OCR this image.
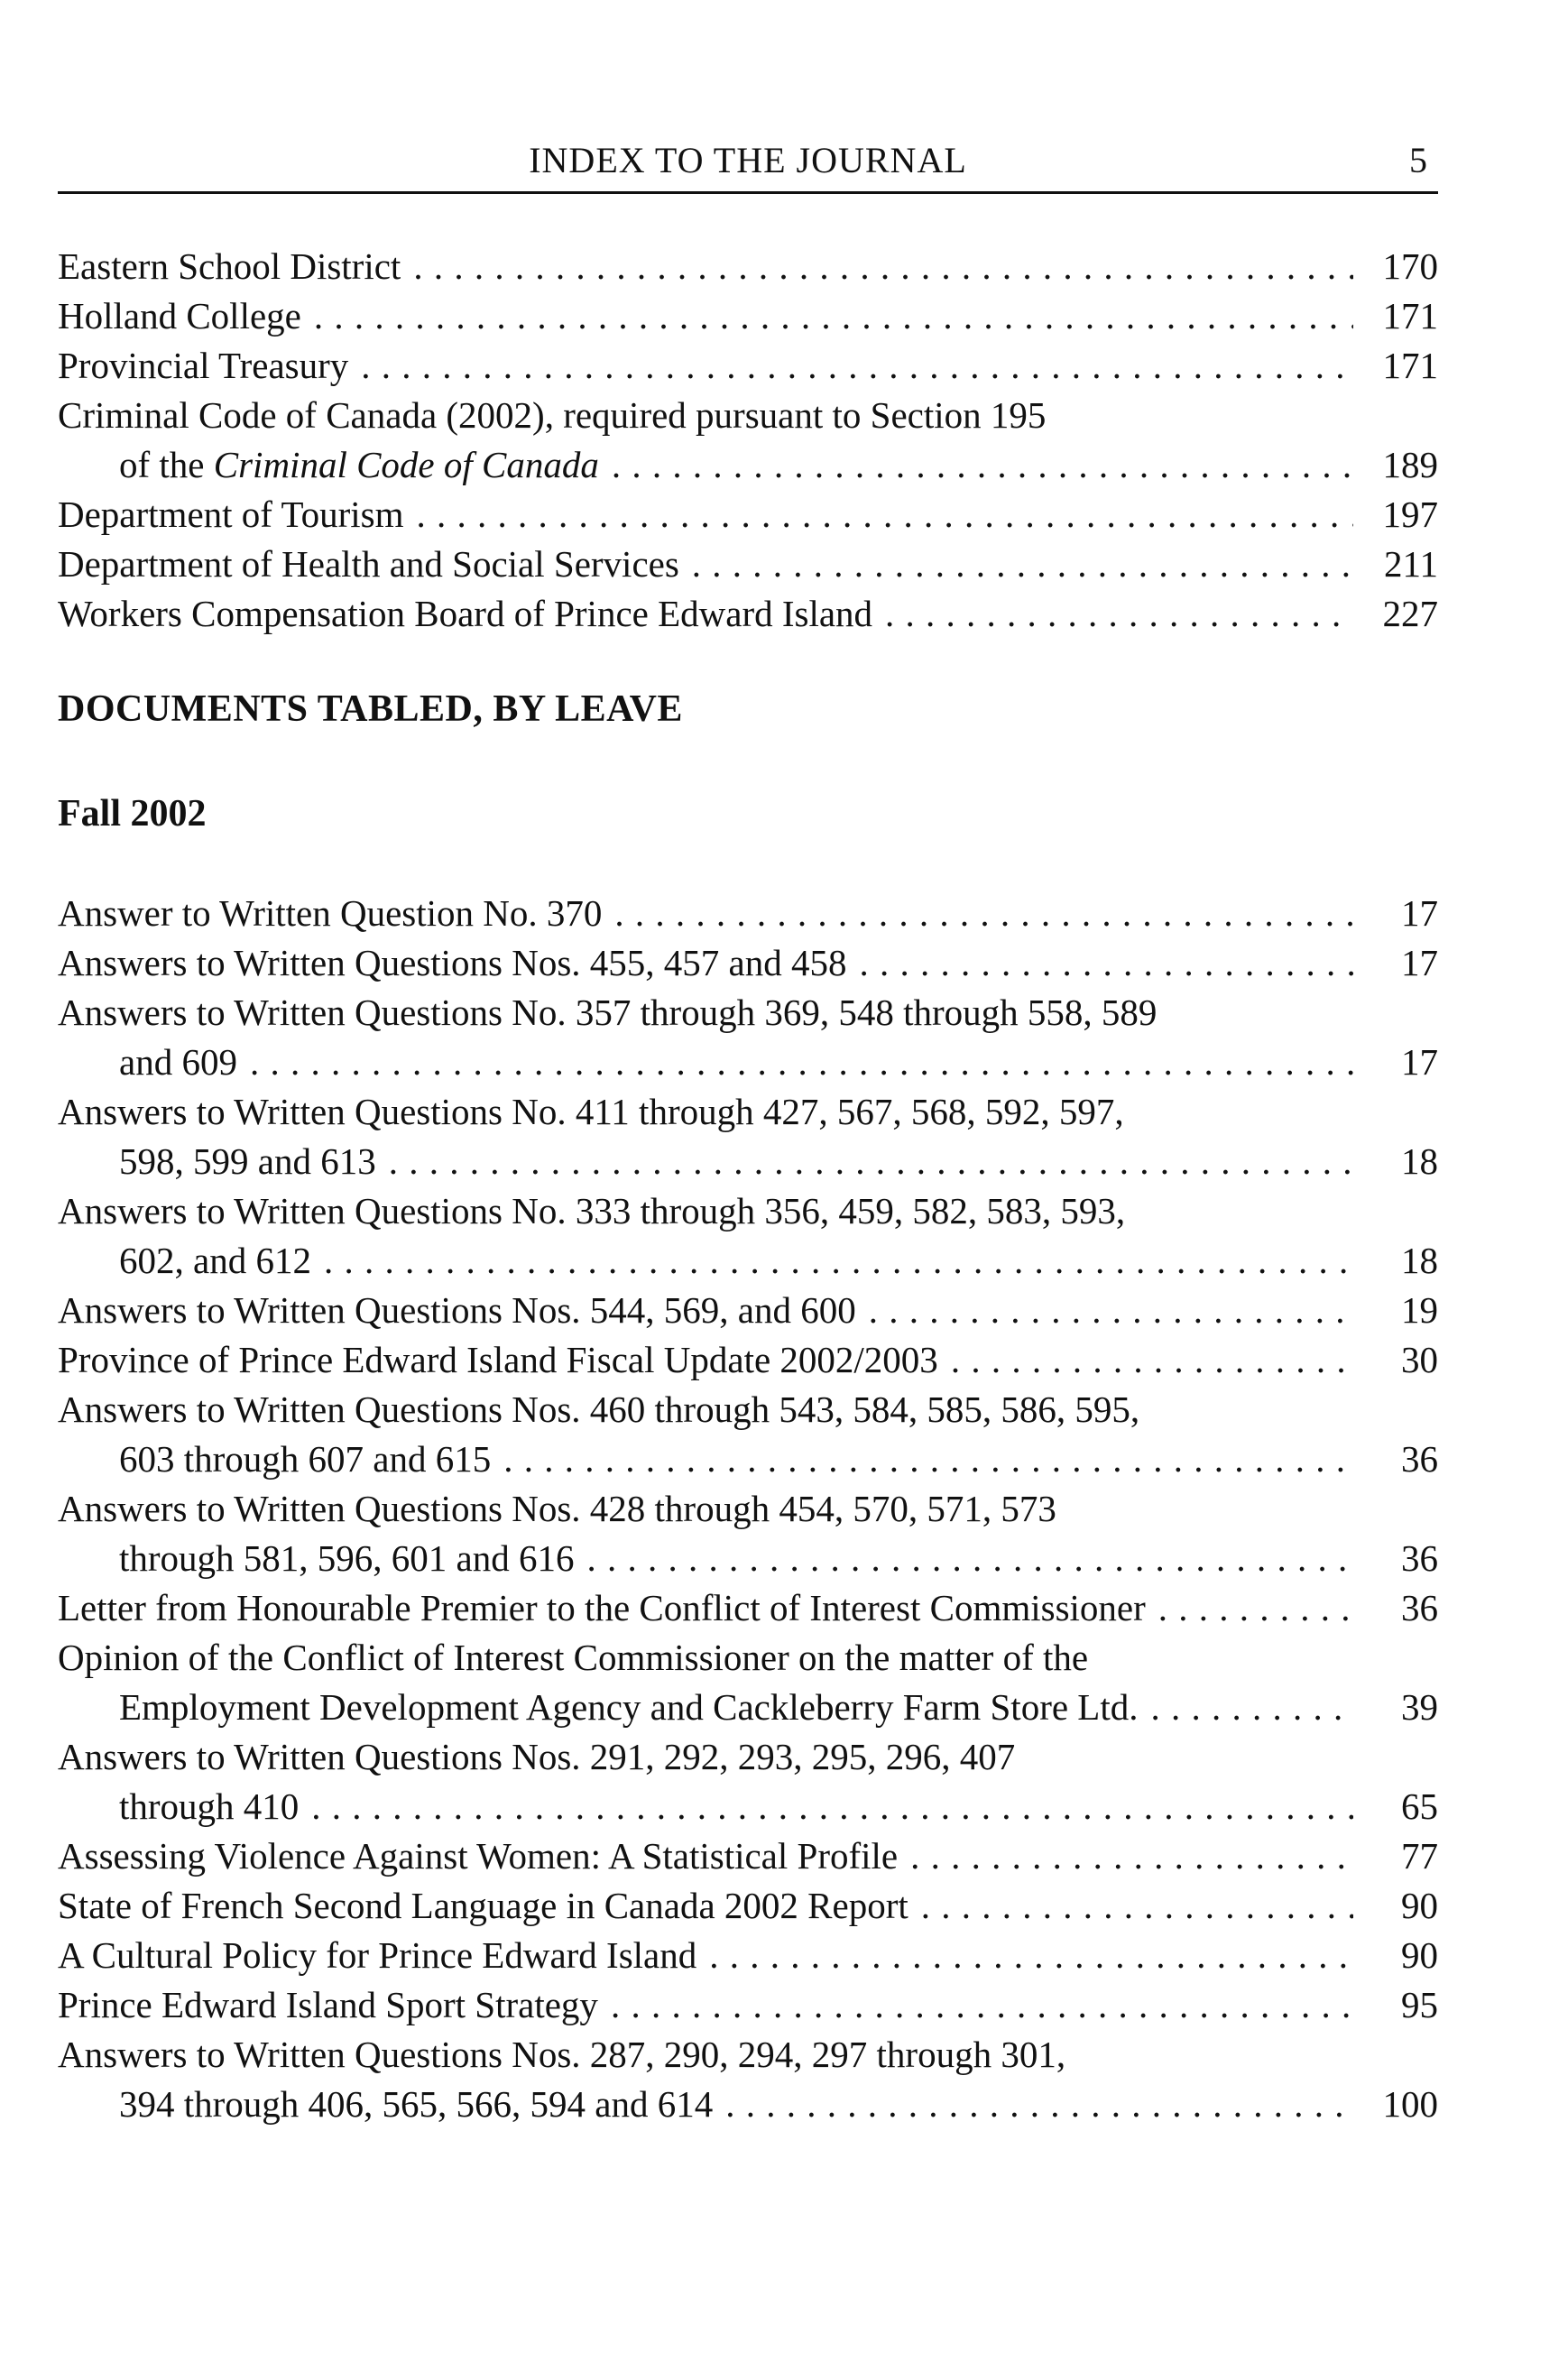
INDEX TO THE JOURNAL	5
Eastern School District . . .	170
Holland College . . .	171
Provincial Treasury . . .	171
Criminal Code of Canada (2002), required pursuant to Section 195
of the Criminal Code of Canada . . .	189
Department of Tourism . . .	197
Department of Health and Social Services . . .	211
Workers Compensation Board of Prince Edward Island . . .	227
DOCUMENTS TABLED, BY LEAVE
Fall 2002
Answer to Written Question No. 370 . . .	17
Answers to Written Questions Nos. 455, 457 and 458 . . .	17
Answers to Written Questions No. 357 through 369, 548 through 558, 589
and 609 . . .	17
Answers to Written Questions No. 411 through 427, 567, 568, 592, 597,
598, 599 and 613 . . .	18
Answers to Written Questions No. 333 through 356, 459, 582, 583, 593,
602, and 612 . . .	18
Answers to Written Questions Nos. 544, 569, and 600 . . .	19
Province of Prince Edward Island Fiscal Update 2002/2003 . . .	30
Answers to Written Questions Nos. 460 through 543, 584, 585, 586, 595,
603 through 607 and 615 . . .	36
Answers to Written Questions Nos. 428 through 454, 570, 571, 573
through 581, 596, 601 and 616 . . .	36
Letter from Honourable Premier to the Conflict of Interest Commissioner . . .	36
Opinion of the Conflict of Interest Commissioner on the matter of the
Employment Development Agency and Cackleberry Farm Store Ltd. . . .	39
Answers to Written Questions Nos. 291, 292, 293, 295, 296, 407
through 410 . . .	65
Assessing Violence Against Women: A Statistical Profile . . .	77
State of French Second Language in Canada 2002 Report . . .	90
A Cultural Policy for Prince Edward Island . . .	90
Prince Edward Island Sport Strategy . . .	95
Answers to Written Questions Nos. 287, 290, 294, 297 through 301,
394 through 406, 565, 566, 594 and 614 . . .	100
